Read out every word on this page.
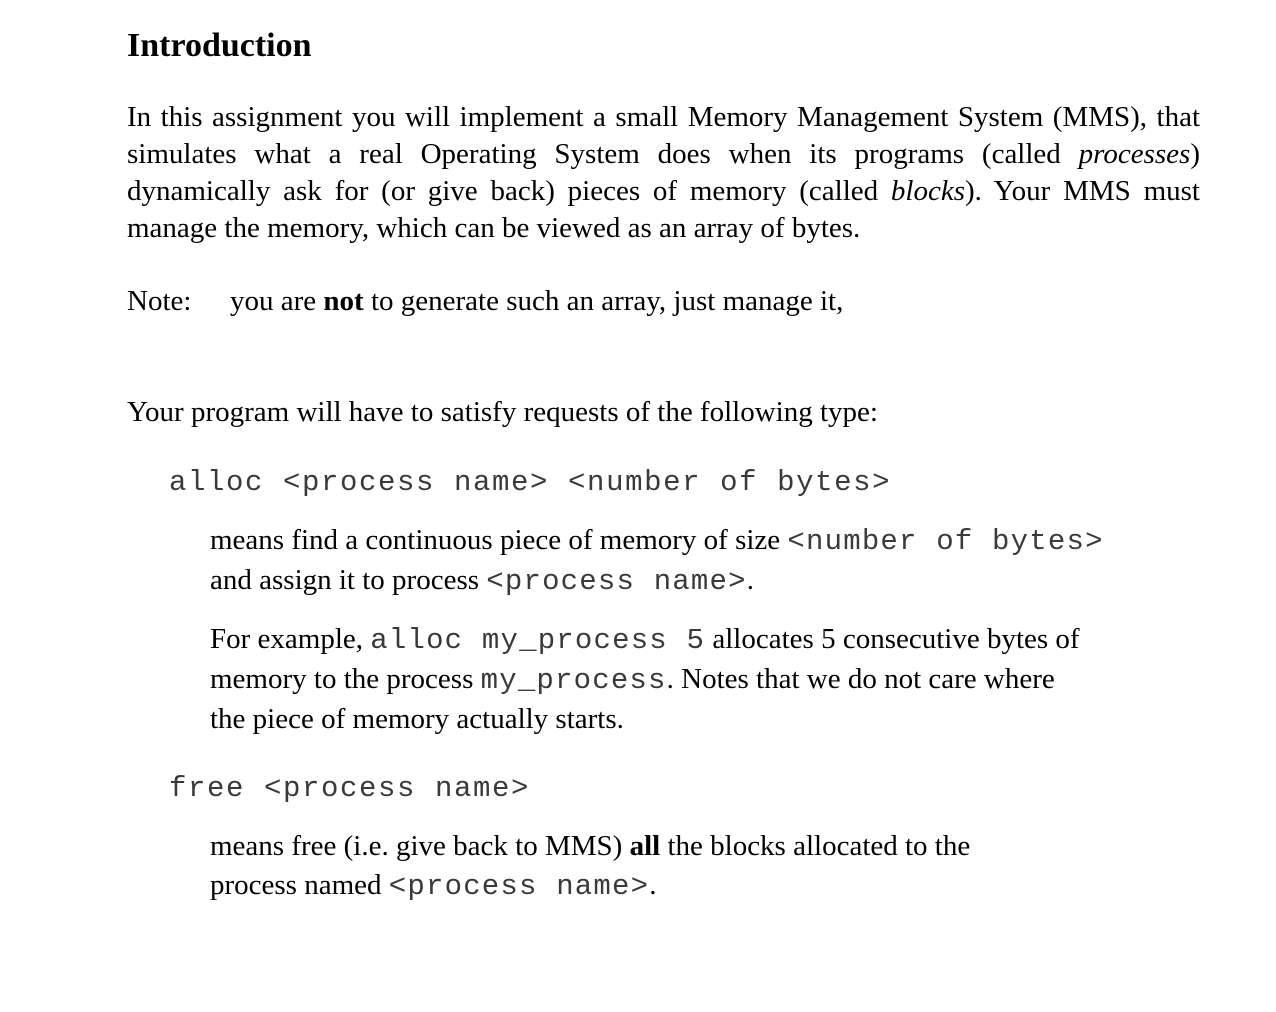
Introduction

In this assignment you will implement a small Memory Management System (MMS), that simulates what a real Operating System does when its programs (called processes) dynamically ask for (or give back) pieces of memory (called blocks). Your MMS must manage the memory, which can be viewed as an array of bytes.

Note: you are not to generate such an array, just manage it,

Your program will have to satisfy requests of the following type:

alloc <process name> <number of bytes>
means find a continuous piece of memory of size <number of bytes>
and assign it to process <process name>.
For example, alloc my_process 5 allocates 5 consecutive bytes of
memory to the process my_process. Notes that we do not care where
the piece of memory actually starts.
free <process name>
means free (i.e. give back to MMS) all the blocks allocated to the
process named <process name>.
